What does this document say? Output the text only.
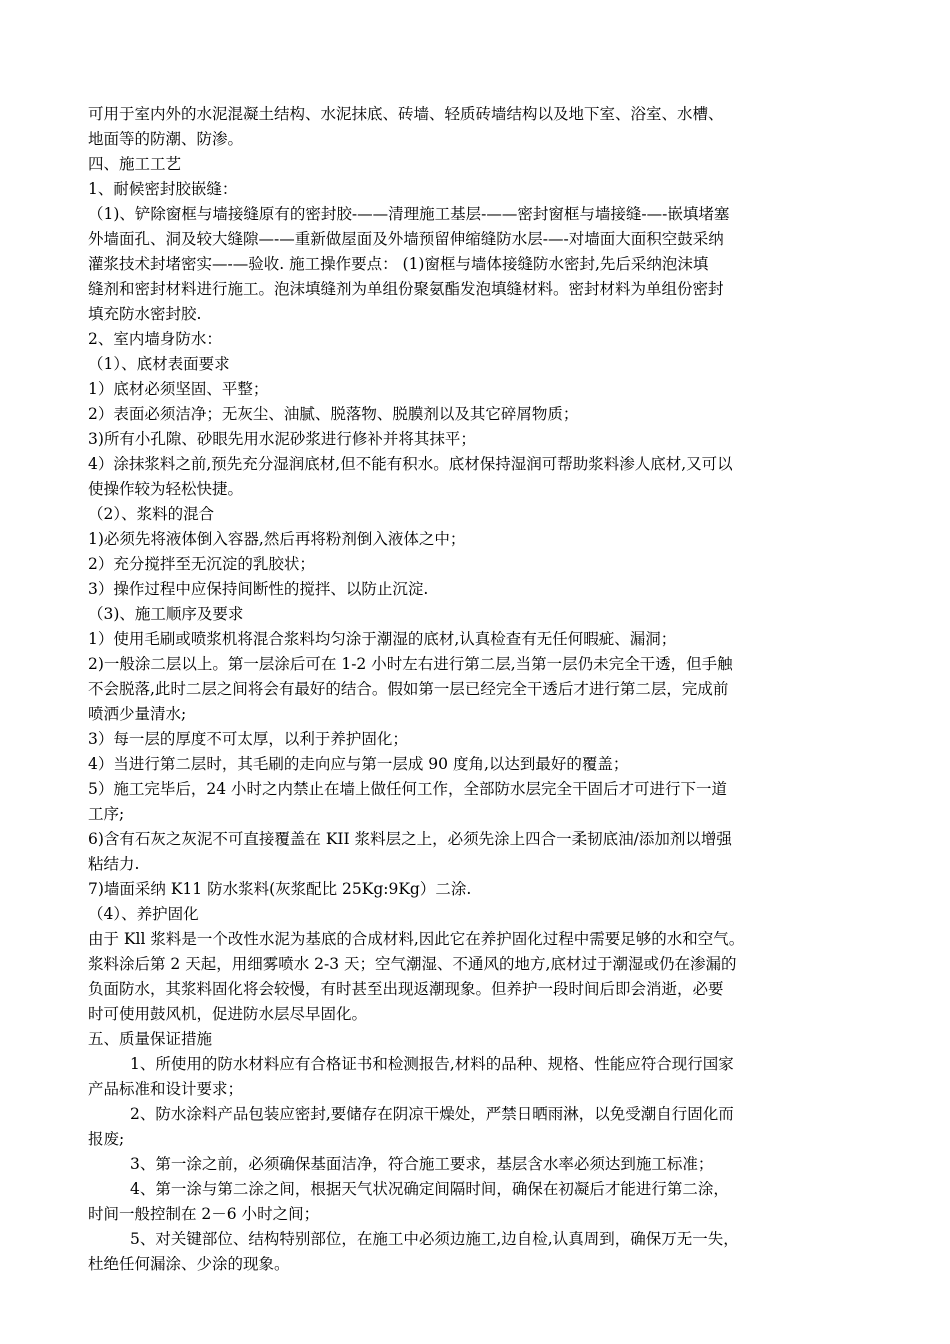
可用于室内外的水泥混凝土结构、水泥抹底、砖墙、轻质砖墙结构以及地下室、浴室、水槽、
地面等的防潮、防渗。
四、施工工艺
1、耐候密封胶嵌缝：
（1)、铲除窗框与墙接缝原有的密封胶-——清理施工基层-——密封窗框与墙接缝-—-嵌填堵塞
外墙面孔、洞及较大缝隙—-—重新做屋面及外墙预留伸缩缝防水层-—-对墙面大面积空鼓采纳
灌浆技术封堵密实—-—验收. 施工操作要点： (1)窗框与墙体接缝防水密封,先后采纳泡沫填
缝剂和密封材料进行施工。泡沫填缝剂为单组份聚氨酯发泡填缝材料。密封材料为单组份密封
填充防水密封胶.
2、室内墙身防水：
（1）、底材表面要求
1）底材必须坚固、平整；
2）表面必须洁净；无灰尘、油腻、脱落物、脱膜剂以及其它碎屑物质；
3)所有小孔隙、砂眼先用水泥砂浆进行修补并将其抹平；
4）涂抹浆料之前,预先充分湿润底材,但不能有积水。底材保持湿润可帮助浆料渗人底材,又可以
使操作较为轻松快捷。
（2）、浆料的混合
1)必须先将液体倒入容器,然后再将粉剂倒入液体之中；
2）充分搅拌至无沉淀的乳胶状；
3）操作过程中应保持间断性的搅拌、以防止沉淀.
（3)、施工顺序及要求
1）使用毛刷或喷浆机将混合浆料均匀涂于潮湿的底材,认真检查有无任何暇疵、漏洞；
2)一般涂二层以上。第一层涂后可在 1-2 小时左右进行第二层,当第一层仍未完全干透，但手触
不会脱落,此时二层之间将会有最好的结合。假如第一层已经完全干透后才进行第二层，完成前
喷洒少量清水;
3）每一层的厚度不可太厚，以利于养护固化；
4）当进行第二层时，其毛刷的走向应与第一层成 90 度角,以达到最好的覆盖；
5）施工完毕后，24 小时之内禁止在墙上做任何工作，全部防水层完全干固后才可进行下一道
工序;
6)含有石灰之灰泥不可直接覆盖在 KII 浆料层之上，必须先涂上四合一柔韧底油/添加剂以增强
粘结力.
7)墙面采纳 K11 防水浆料(灰浆配比 25Kg:9Kg）二涂.
（4）、养护固化
由于 Kll 浆料是一个改性水泥为基底的合成材料,因此它在养护固化过程中需要足够的水和空气。
浆料涂后第 2 天起，用细雾喷水 2-3 天；空气潮湿、不通风的地方,底材过于潮湿或仍在渗漏的
负面防水，其浆料固化将会较慢，有时甚至出现返潮现象。但养护一段时间后即会消逝，必要
时可使用鼓风机，促进防水层尽早固化。
五、质量保证措施
1、所使用的防水材料应有合格证书和检测报告,材料的品种、规格、性能应符合现行国家
产品标准和设计要求；
2、防水涂料产品包装应密封,要储存在阴凉干燥处，严禁日晒雨淋，以免受潮自行固化而
报废;
3、第一涂之前，必须确保基面洁净，符合施工要求，基层含水率必须达到施工标准；
4、第一涂与第二涂之间，根据天气状况确定间隔时间，确保在初凝后才能进行第二涂，
时间一般控制在 2－6 小时之间；
5、对关键部位、结构特别部位，在施工中必须边施工,边自检,认真周到，确保万无一失，
杜绝任何漏涂、少涂的现象。
